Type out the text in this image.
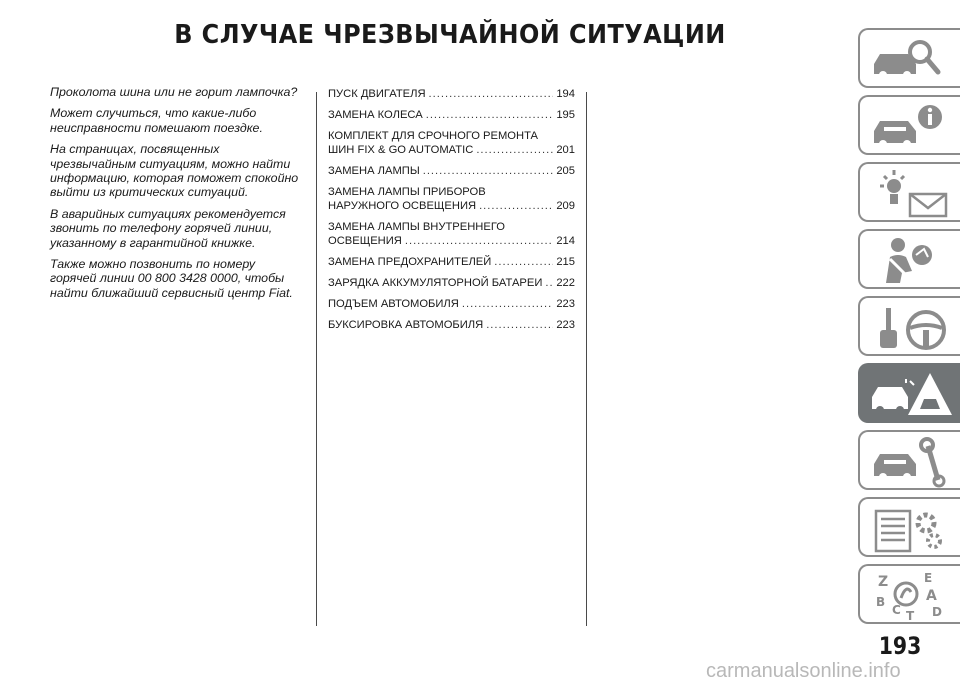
В СЛУЧАЕ ЧРЕЗВЫЧАЙНОЙ СИТУАЦИИ

Проколота шина или не горит лампочка?

Может случиться, что какие-либо неисправности помешают поездке.

На страницах, посвященных чрезвычайным ситуациям, можно найти информацию, которая поможет спокойно выйти из критических ситуаций.

В аварийных ситуациях рекомендуется звонить по телефону горячей линии, указанному в гарантийной книжке.

Также можно позвонить по номеру горячей линии 00 800 3428 0000, чтобы найти ближайший сервисный центр Fiat.

ПУСК ДВИГАТЕЛЯ .....	194
ЗАМЕНА КОЛЕСА .....	195
КОМПЛЕКТ ДЛЯ СРОЧНОГО РЕМОНТА
ШИН FIX & GO AUTOMATIC .....	201
ЗАМЕНА ЛАМПЫ .....	205
ЗАМЕНА ЛАМПЫ ПРИБОРОВ
НАРУЖНОГО ОСВЕЩЕНИЯ .....	209
ЗАМЕНА ЛАМПЫ ВНУТРЕННЕГО
ОСВЕЩЕНИЯ .....	214
ЗАМЕНА ПРЕДОХРАНИТЕЛЕЙ .....	215
ЗАРЯДКА АККУМУЛЯТОРНОЙ БАТАРЕИ ..... 222
ПОДЪЕМ АВТОМОБИЛЯ .....	223
БУКСИРОВКА АВТОМОБИЛЯ .....	223
Z	E
A
B
C T D
193
carmanualsonline.info
